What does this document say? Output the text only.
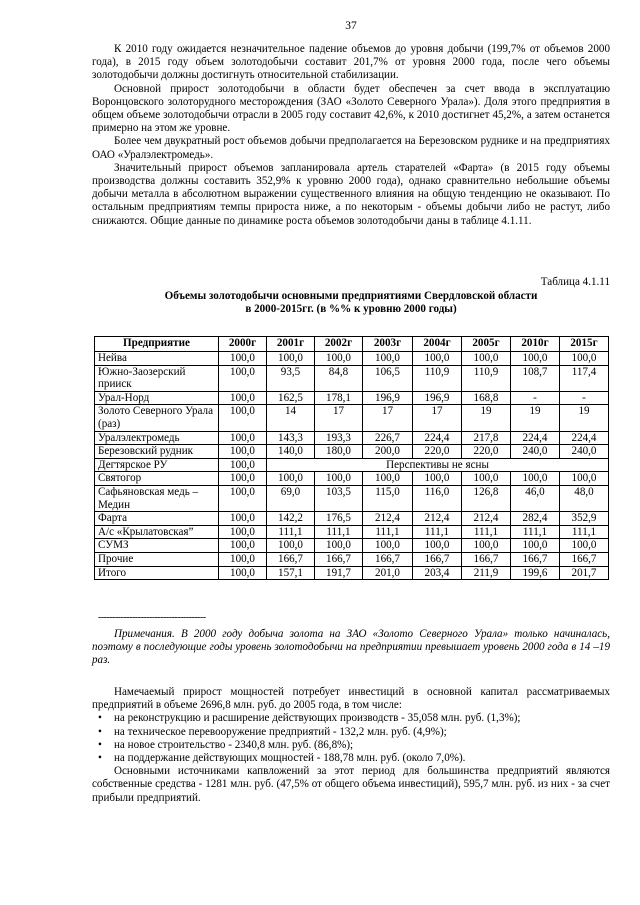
37

К 2010 году ожидается незначительное падение объемов до уровня добычи (199,7% от объемов 2000 года), в 2015 году объем золотодобычи составит 201,7% от уровня 2000 года, после чего объемы золотодобычи должны достигнуть относительной стабилизации.

Основной прирост золотодобычи в области будет обеспечен за счет ввода в эксплуатацию Воронцовского золоторудного месторождения (ЗАО «Золото Северного Урала»). Доля этого предприятия в общем объеме золотодобычи отрасли в 2005 году составит 42,6%, к 2010 достигнет 45,2%, а затем останется примерно на этом же уровне.

Более чем двукратный рост объемов добычи предполагается на Березовском руднике и на предприятиях ОАО «Уралэлектромедь».

Значительный прирост объемов запланировала артель старателей «Фарта» (в 2015 году объемы производства должны составить 352,9% к уровню 2000 года), однако сравнительно небольшие объемы добычи металла в абсолютном выражении существенного влияния на общую тенденцию не оказывают. По остальным предприятиям темпы прироста ниже, а по некоторым - объемы добычи либо не растут, либо снижаются. Общие данные по динамике роста объемов золотодобычи даны в таблице 4.1.11.

Таблица 4.1.11
Объемы золотодобычи основными предприятиями Свердловской области
в 2000-2015гг. (в %% к уровню 2000 годы)
Предприятие	2000г	2001г	2002г	2003г	2004г	2005г	2010г	2015г
Нейва	100,0	100,0	100,0	100,0	100,0	100,0	100,0	100,0
Южно-Заозерский прииск	100,0	93,5	84,8	106,5	110,9	110,9	108,7	117,4
Урал-Норд	100,0	162,5	178,1	196,9	196,9	168,8	-	-
Золото Северного Урала (раз)	100,0	14	17	17	17	19	19	19
Уралэлектромедь	100,0	143,3	193,3	226,7	224,4	217,8	224,4	224,4
Березовский рудник	100,0	140,0	180,0	200,0	220,0	220,0	240,0	240,0
Дегтярское РУ	100,0	Перспективы не ясны						
Святогор	100,0	100,0	100,0	100,0	100,0	100,0	100,0	100,0
Сафьяновская медь – Медин	100,0	69,0	103,5	115,0	116,0	126,8	46,0	48,0
Фарта	100,0	142,2	176,5	212,4	212,4	212,4	282,4	352,9
А/с «Крылатовская”	100,0	111,1	111,1	111,1	111,1	111,1	111,1	111,1
СУМЗ	100,0	100,0	100,0	100,0	100,0	100,0	100,0	100,0
Прочие	100,0	166,7	166,7	166,7	166,7	166,7	166,7	166,7
Итого	100,0	157,1	191,7	201,0	203,4	211,9	199,6	201,7
--------------------------------------

Примечания. В 2000 году добыча золота на ЗАО «Золото Северного Урала» только начиналась, поэтому в последующие годы уровень золотодобычи на предприятии превышает уровень 2000 года в 14 –19 раз.

Намечаемый прирост мощностей потребует инвестиций в основной капитал рассматриваемых предприятий в объеме 2696,8 млн. руб. до 2005 года, в том числе:

• на реконструкцию и расширение действующих производств - 35,058 млн. руб. (1,3%);
• на техническое перевооружение предприятий - 132,2 млн. руб. (4,9%);
• на новое строительство - 2340,8 млн. руб. (86,8%);
• на поддержание действующих мощностей - 188,78 млн. руб. (около 7,0%).

Основными источниками капвложений за этот период для большинства предприятий являются собственные средства - 1281 млн. руб. (47,5% от общего объема инвестиций), 595,7 млн. руб. из них - за счет прибыли предприятий.
